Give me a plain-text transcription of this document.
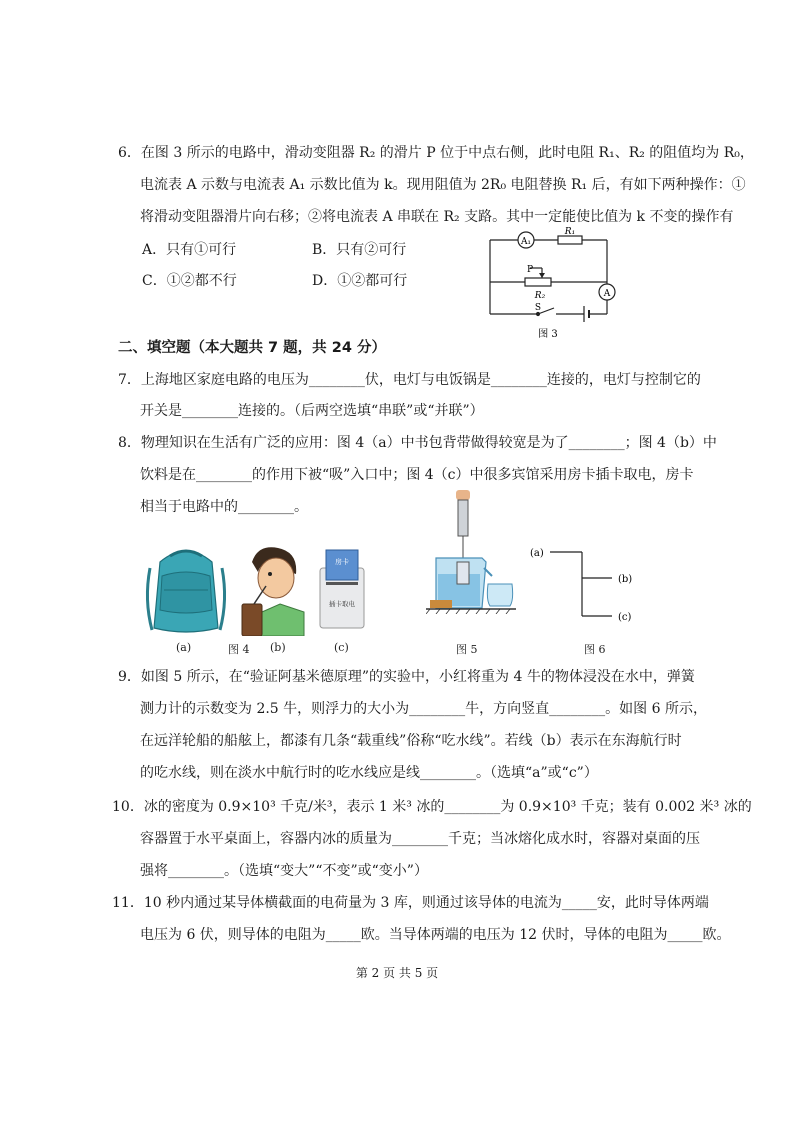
6．在图 3 所示的电路中，滑动变阻器 R₂ 的滑片 P 位于中点右侧，此时电阻 R₁、R₂ 的阻值均为 R₀，
电流表 A 示数与电流表 A₁ 示数比值为 k。现用阻值为 2R₀ 电阻替换 R₁ 后，有如下两种操作：①
将滑动变阻器滑片向右移；②将电流表 A 串联在 R₂ 支路。其中一定能使比值为 k 不变的操作有
A．只有①可行	B．只有②可行
C．①②都不行	D．①②都可行
A₁
R₁
P
R₂	A
S
图 3
二、填空题（本大题共 7 题，共 24 分）
7．上海地区家庭电路的电压为________伏，电灯与电饭锅是________连接的，电灯与控制它的
开关是________连接的。（后两空选填“串联”或“并联”）
8．物理知识在生活有广泛的应用：图 4（a）中书包背带做得较宽是为了________；图 4（b）中
饮料是在________的作用下被“吸”入口中；图 4（c）中很多宾馆采用房卡插卡取电，房卡
相当于电路中的________。
房卡
插卡取电
(a)	图 4 (b)	(c)	图 5
(a)
(b)
(c)
图 6
9．如图 5 所示，在“验证阿基米德原理”的实验中，小红将重为 4 牛的物体浸没在水中，弹簧
测力计的示数变为 2.5 牛，则浮力的大小为________牛，方向竖直________。如图 6 所示，
在远洋轮船的船舷上，都漆有几条“载重线”俗称“吃水线”。若线（b）表示在东海航行时
的吃水线，则在淡水中航行时的吃水线应是线________。（选填“a”或“c”）
10．冰的密度为 0.9×10³ 千克/米³，表示 1 米³ 冰的________为 0.9×10³ 千克；装有 0.002 米³ 冰的
容器置于水平桌面上，容器内冰的质量为________千克；当冰熔化成水时，容器对桌面的压
强将________。（选填“变大”“不变”或“变小”）
11．10 秒内通过某导体横截面的电荷量为 3 库，则通过该导体的电流为_____安，此时导体两端
电压为 6 伏，则导体的电阻为_____欧。当导体两端的电压为 12 伏时，导体的电阻为_____欧。
第 2 页 共 5 页
